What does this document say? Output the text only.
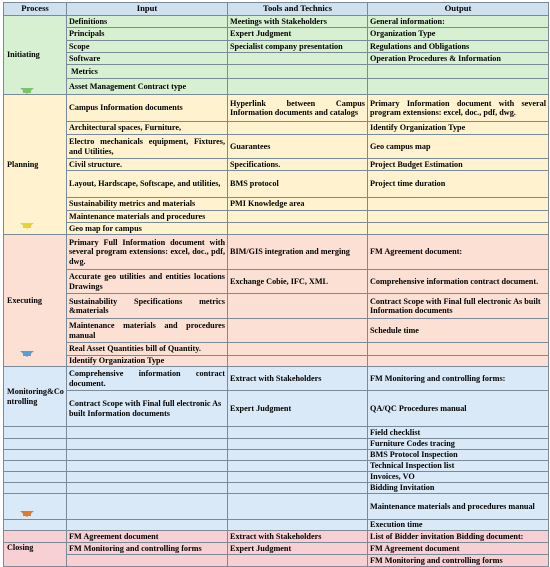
Process	Input	Tools and Technics	Output
Initiating	Definitions	Meetings with Stakeholders	General information:
	Principals	Expert Judgment	Organization Type
	Scope	Specialist company presentation	Regulations and Obligations
	Software		Operation Procedures & Information
	Metrics		
	Asset Management Contract type		
Planning	Campus Information documents	Hyperlink between Campus Information documents and catalogs	Primary Information document with several program extensions: excel, doc., pdf, dwg.
	Architectural spaces, Furniture,		Identify Organization Type
	Electro mechanicals equipment, Fixtures, and Utilities,	Guarantees	Geo campus map
	Civil structure.	Specifications.	Project Budget Estimation
	Layout, Hardscape, Softscape, and utilities,	BMS protocol	Project time duration
	Sustainability metrics and materials	PMI Knowledge area	
	Maintenance materials and procedures		
	Geo map for campus		
Executing	Primary Full Information document with several program extensions: excel, doc., pdf, dwg.	BIM/GIS integration and merging	FM Agreement document:
	Accurate geo utilities and entities locations Drawings	Exchange Cobie, IFC, XML	Comprehensive information contract document.
	Sustainability Specifications metrics &materials		Contract Scope with Final full electronic As built Information documents
	Maintenance materials and procedures manual		Schedule time
	Real Asset Quantities bill of Quantity.		
	Identify Organization Type		
Monitoring&Co ntrolling	Comprehensive information contract document.	Extract with Stakeholders	FM Monitoring and controlling forms:
	Contract Scope with Final full electronic As built Information documents	Expert Judgment	QA/QC Procedures manual
			Field checklist
			Furniture Codes tracing
			BMS Protocol Inspection
			Technical Inspection list
			Invoices, VO
			Bidding Invitation
			Maintenance materials and procedures manual
			Execution time
	FM Agreement document	Extract with Stakeholders	List of Bidder invitation Bidding document:
Closing	FM Monitoring and controlling forms	Expert Judgment	FM Agreement document
			FM Monitoring and controlling forms
